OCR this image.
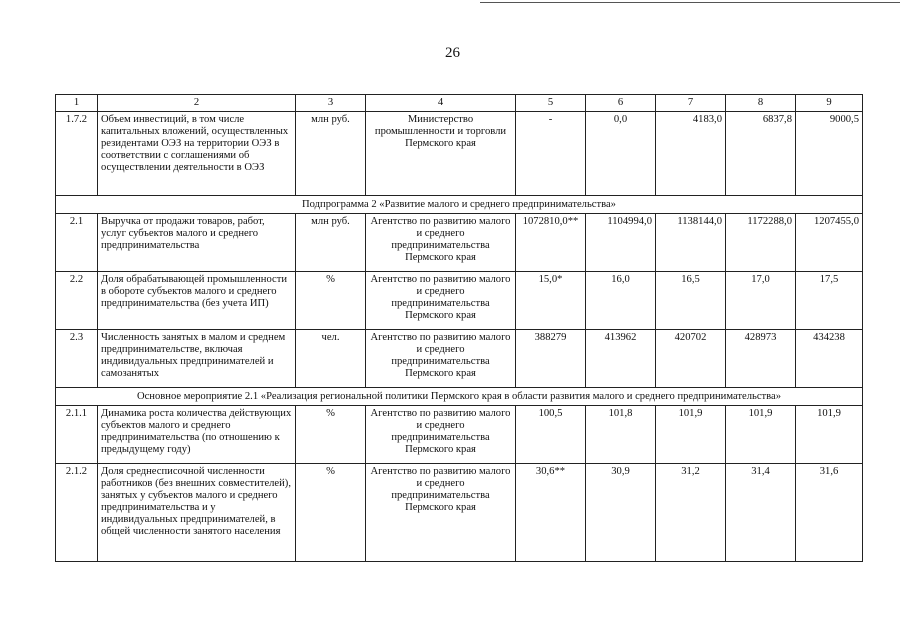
26
1	2	3	4	5	6	7	8	9
1.7.2	Объем инвестиций, в том числе капитальных вложений, осуществленных резидентами ОЭЗ на территории ОЭЗ в соответствии с соглашениями об осуществлении деятельности в ОЭЗ	млн руб.	Министерство промышленности и торговли Пермского края	-	0,0	4183,0	6837,8	9000,5
Подпрограмма 2 «Развитие малого и среднего предпринимательства»								
2.1	Выручка от продажи товаров, работ, услуг субъектов малого и среднего предпринимательства	млн руб.	Агентство по развитию малого и среднего предпринимательства Пермского края	1072810,0**	1104994,0	1138144,0	1172288,0	1207455,0
2.2	Доля обрабатывающей промышленности в обороте субъектов малого и среднего предпринимательства (без учета ИП)	%	Агентство по развитию малого и среднего предпринимательства Пермского края	15,0*	16,0	16,5	17,0	17,5
2.3	Численность занятых в малом и среднем предпринимательстве, включая индивидуальных предпринимателей и самозанятых	чел.	Агентство по развитию малого и среднего предпринимательства Пермского края	388279	413962	420702	428973	434238
Основное мероприятие 2.1 «Реализация региональной политики Пермского края в области развития малого и среднего предпринимательства»								
2.1.1	Динамика роста количества действующих субъектов малого и среднего предпринимательства (по отношению к предыдущему году)	%	Агентство по развитию малого и среднего предпринимательства Пермского края	100,5	101,8	101,9	101,9	101,9
2.1.2	Доля среднесписочной численности работников (без внешних совместителей), занятых у субъектов малого и среднего предпринимательства и у индивидуальных предпринимателей, в общей численности занятого населения	%	Агентство по развитию малого и среднего предпринимательства Пермского края	30,6**	30,9	31,2	31,4	31,6
